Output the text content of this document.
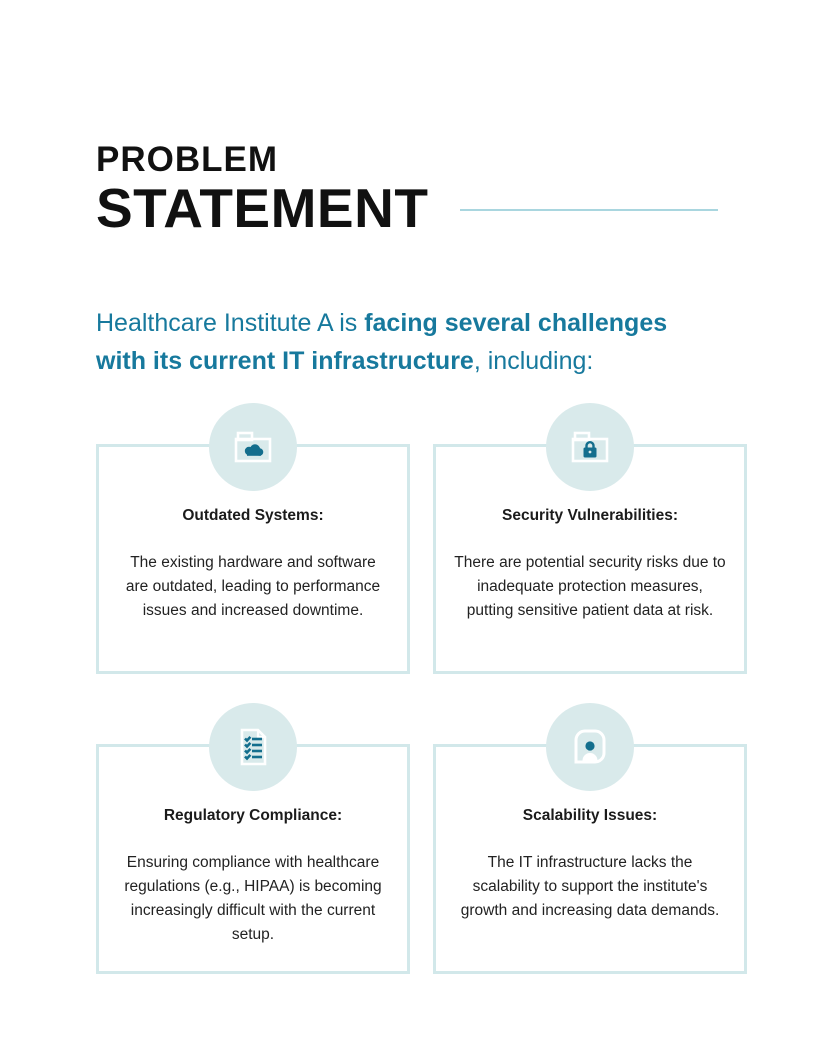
PROBLEM
STATEMENT
Healthcare Institute A is facing several challenges with its current IT infrastructure, including:
Outdated Systems:
The existing hardware and software are outdated, leading to performance issues and increased downtime.
Security Vulnerabilities:
There are potential security risks due to inadequate protection measures, putting sensitive patient data at risk.
Regulatory Compliance:
Ensuring compliance with healthcare regulations (e.g., HIPAA) is becoming increasingly difficult with the current setup.
Scalability Issues:
The IT infrastructure lacks the scalability to support the institute's growth and increasing data demands.
